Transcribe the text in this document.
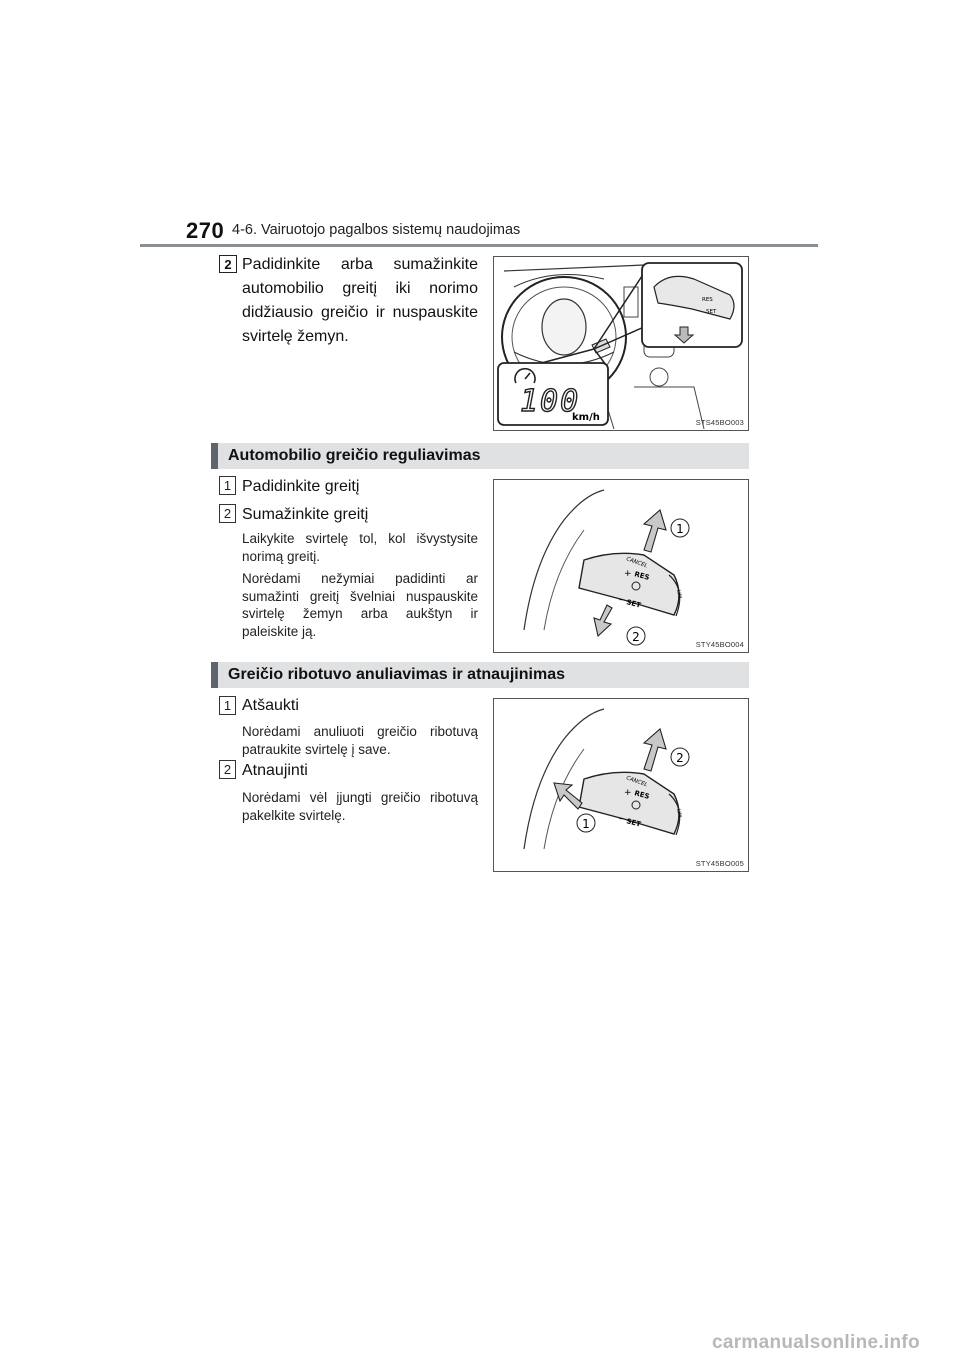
270 4-6. Vairuotojo pagalbos sistemų naudojimas
2 Padidinkite arba sumažinkite automobilio greitį iki norimo didžiausio greičio ir nuspauskite svirtelę žemyn.
RES
SET
100
km/h	STS45BO003
Automobilio greičio reguliavimas
1 Padidinkite greitį
2 Sumažinkite greitį
Laikykite svirtelę tol, kol išvystysite norimą greitį.
Norėdami nežymiai padidinti ar sumažinti greitį švelniai nuspauskite svirtelę žemyn arba aukštyn ir paleiskite ją.
CANCEL
+ RES
– SET
LIM
1
2
STY45BO004
Greičio ribotuvo anuliavimas ir atnaujinimas
1 Atšaukti
Norėdami anuliuoti greičio ribotuvą patraukite svirtelę į save.
2 Atnaujinti
Norėdami vėl įjungti greičio ribotuvą pakelkite svirtelę.
CANCEL
+ RES
– SET
LIM
2
1
STY45BO005
carmanualsonline.info
